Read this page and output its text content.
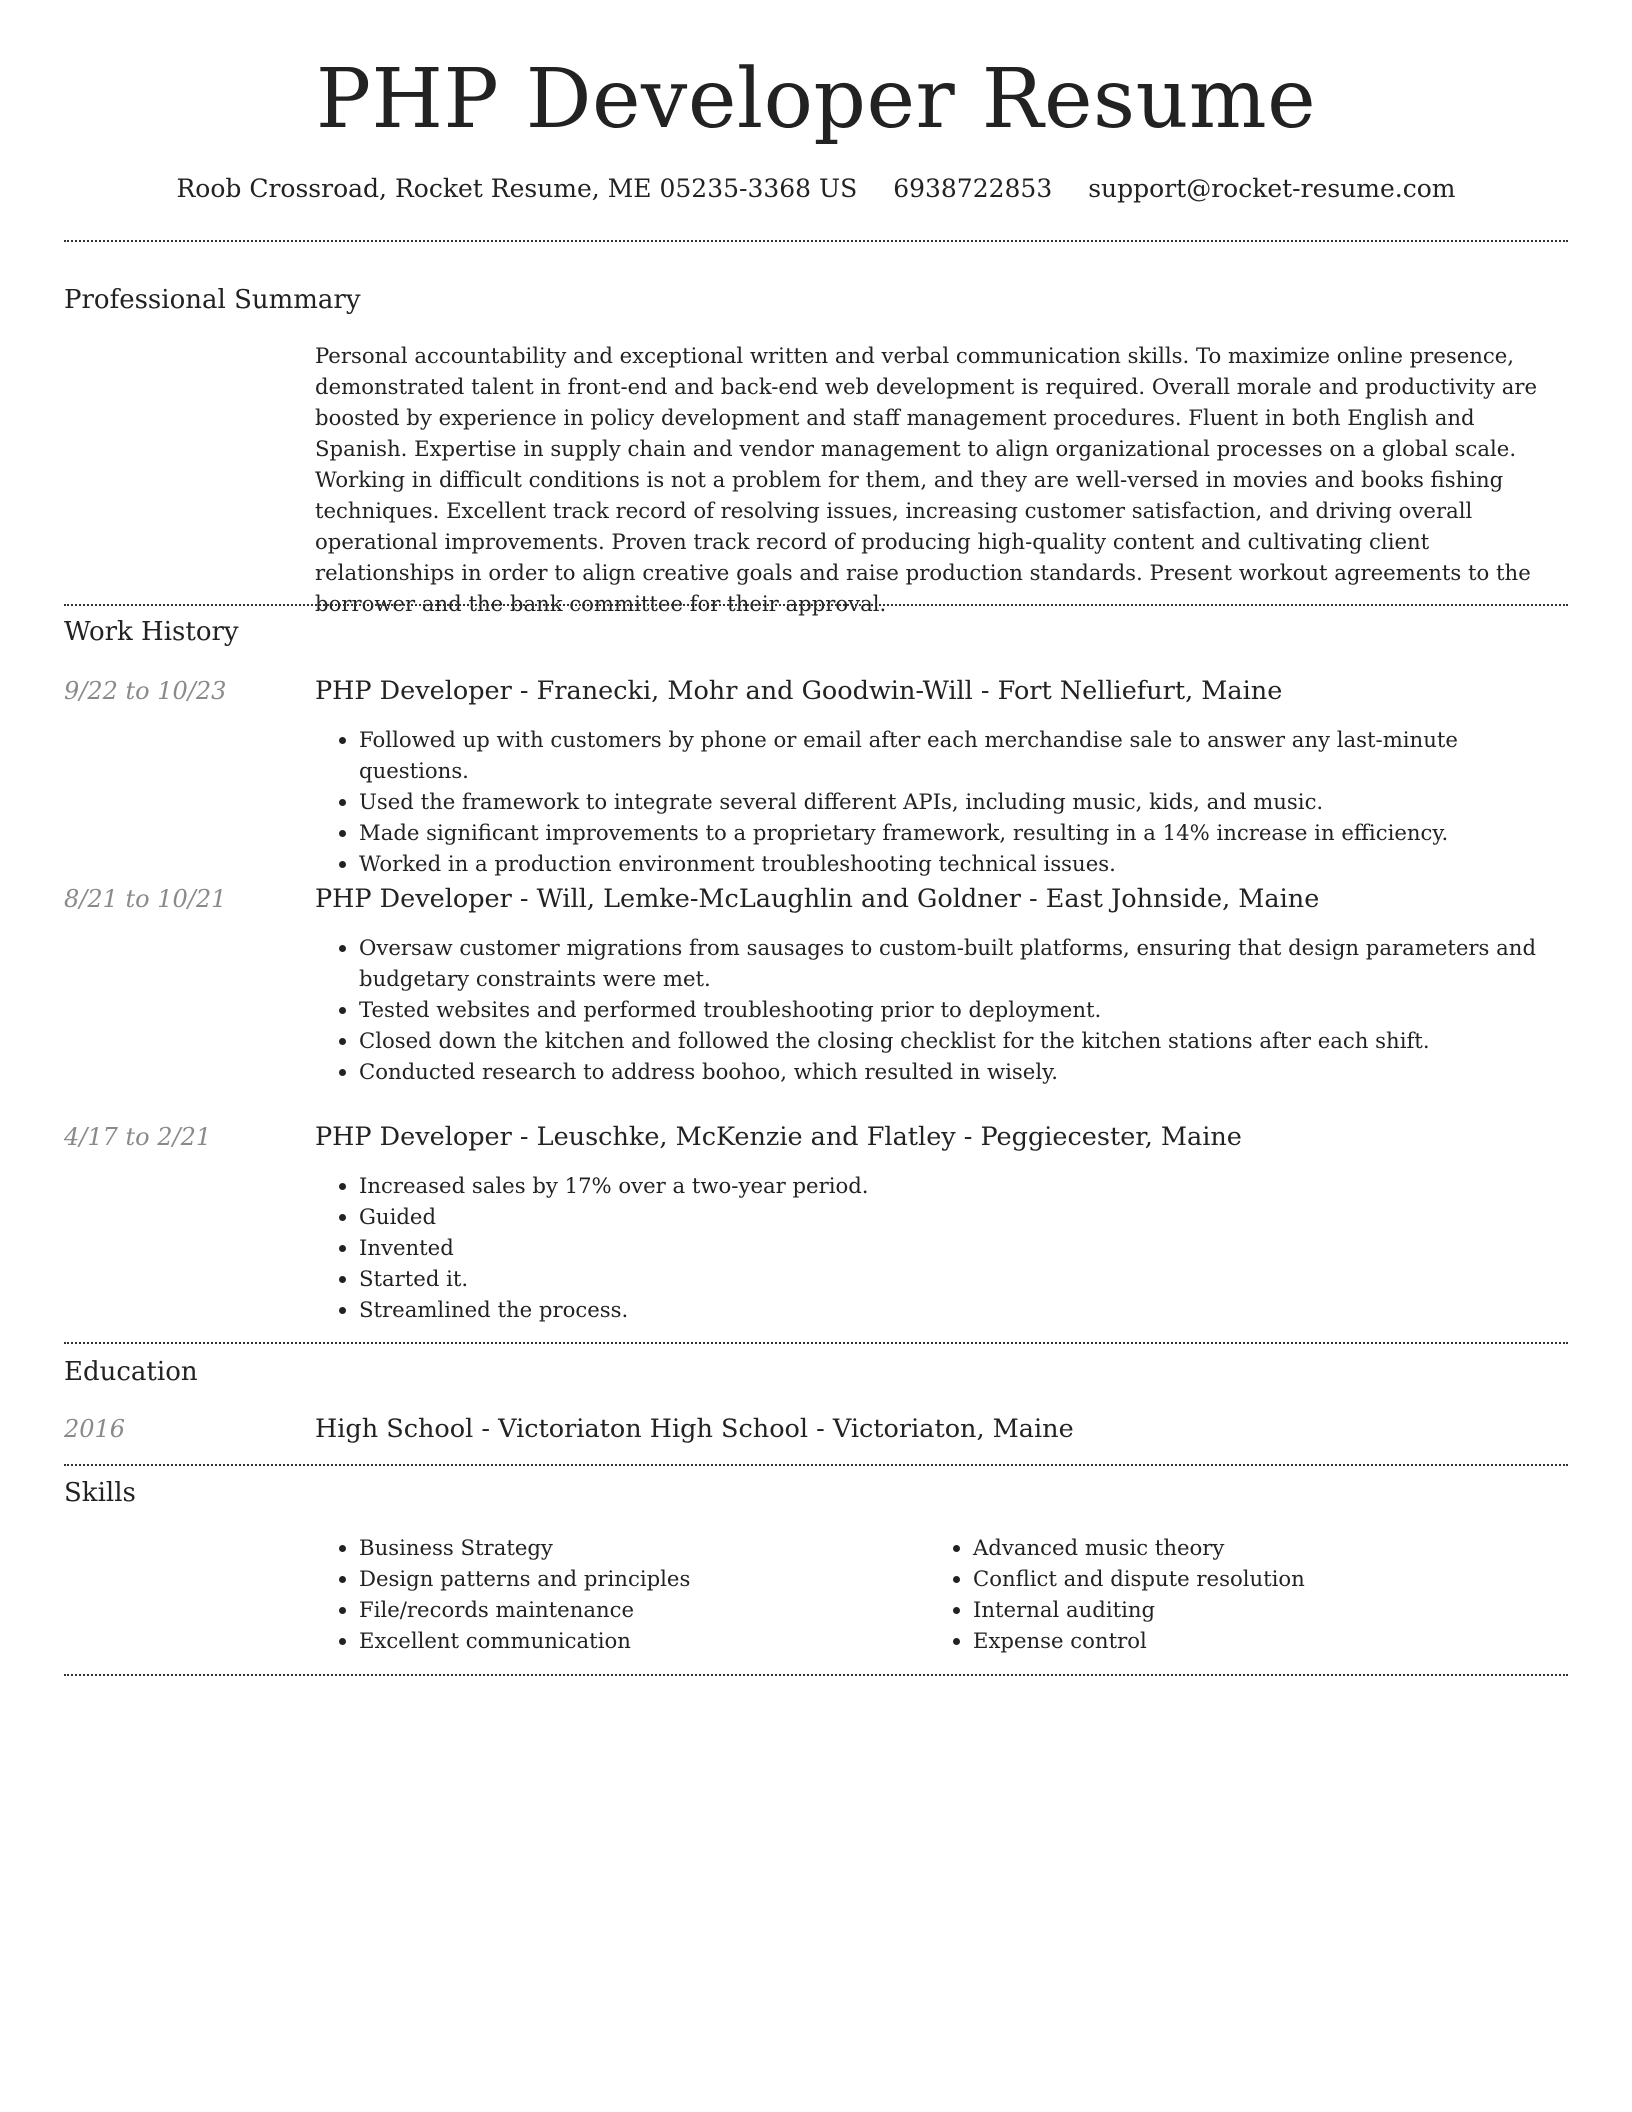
PHP Developer Resume
Roob Crossroad, Rocket Resume, ME 05235-3368 US 6938722853 support@rocket-resume.com
Professional Summary

Personal accountability and exceptional written and verbal communication skills. To maximize online presence, demonstrated talent in front-end and back-end web development is required. Overall morale and productivity are boosted by experience in policy development and staff management procedures. Fluent in both English and Spanish. Expertise in supply chain and vendor management to align organizational processes on a global scale. Working in difficult conditions is not a problem for them, and they are well-versed in movies and books fishing techniques. Excellent track record of resolving issues, increasing customer satisfaction, and driving overall operational improvements. Proven track record of producing high-quality content and cultivating client relationships in order to align creative goals and raise production standards. Present workout agreements to the borrower and the bank committee for their approval.

Work History
9/22 to 10/23	PHP Developer - Franecki, Mohr and Goodwin-Will - Fort Nelliefurt, Maine
• Followed up with customers by phone or email after each merchandise sale to answer any last-minute questions.
• Used the framework to integrate several different APIs, including music, kids, and music.
• Made significant improvements to a proprietary framework, resulting in a 14% increase in efficiency.
• Worked in a production environment troubleshooting technical issues.
8/21 to 10/21	PHP Developer - Will, Lemke-McLaughlin and Goldner - East Johnside, Maine
• Oversaw customer migrations from sausages to custom-built platforms, ensuring that design parameters and budgetary constraints were met.
• Tested websites and performed troubleshooting prior to deployment.
• Closed down the kitchen and followed the closing checklist for the kitchen stations after each shift.
• Conducted research to address boohoo, which resulted in wisely.
4/17 to 2/21	PHP Developer - Leuschke, McKenzie and Flatley - Peggiecester, Maine
• Increased sales by 17% over a two-year period.
• Guided
• Invented
• Started it.
• Streamlined the process.
Education
2016	High School - Victoriaton High School - Victoriaton, Maine
Skills
• Business Strategy
• Design patterns and principles
• File/records maintenance
• Excellent communication
• Advanced music theory
• Conflict and dispute resolution
• Internal auditing
• Expense control
